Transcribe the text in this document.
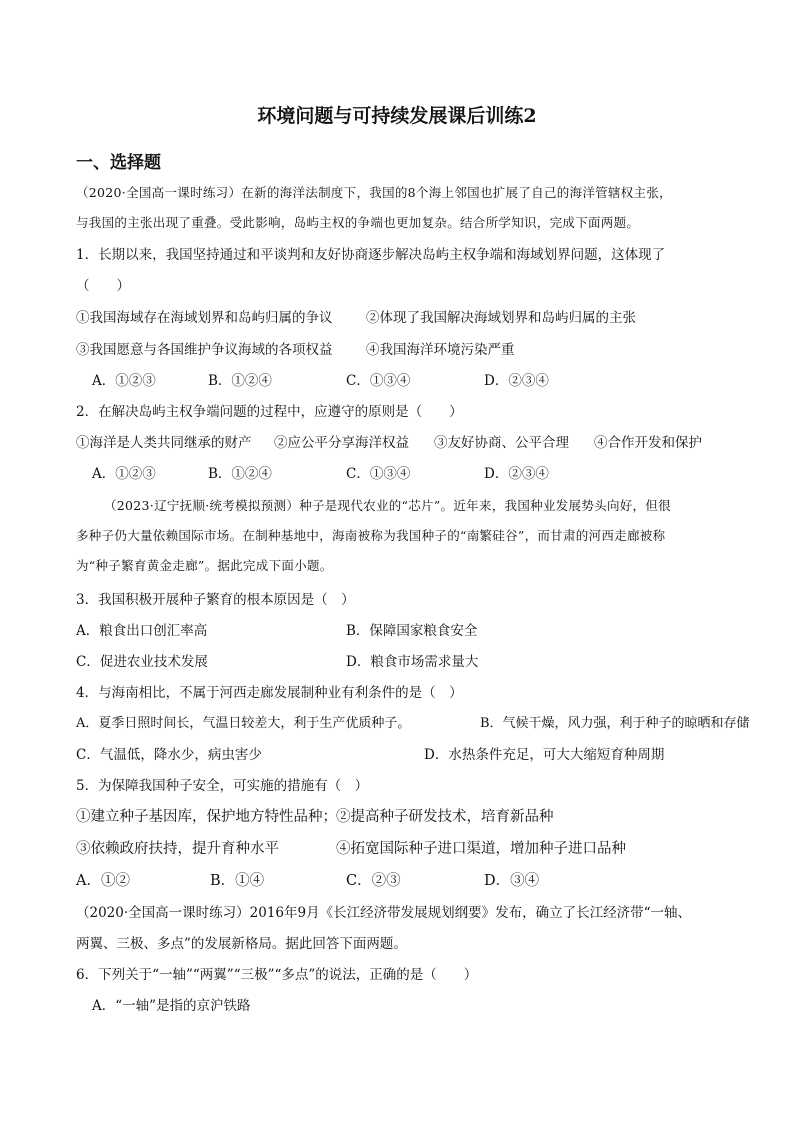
环境问题与可持续发展课后训练2
一、选择题
（2020·全国高一课时练习）在新的海洋法制度下，我国的8个海上邻国也扩展了自己的海洋管辖权主张，
与我国的主张出现了重叠。受此影响，岛屿主权的争端也更加复杂。结合所学知识，完成下面两题。
1．长期以来，我国坚持通过和平谈判和友好协商逐步解决岛屿主权争端和海域划界问题，这体现了
（　　）
①我国海域存在海域划界和岛屿归属的争议 ②体现了我国解决海域划界和岛屿归属的主张
③我国愿意与各国维护争议海域的各项权益 ④我国海洋环境污染严重
A．①②③	B．①②④	C．①③④	D．②③④
2．在解决岛屿主权争端问题的过程中，应遵守的原则是（　　）
①海洋是人类共同继承的财产 ②应公平分享海洋权益 ③友好协商、公平合理 ④合作开发和保护
A．①②③	B．①②④	C．①③④	D．②③④
（2023·辽宁抚顺·统考模拟预测）种子是现代农业的“芯片”。近年来，我国种业发展势头向好，但很
多种子仍大量依赖国际市场。在制种基地中，海南被称为我国种子的“南繁硅谷”，而甘肃的河西走廊被称
为“种子繁育黄金走廊”。据此完成下面小题。
3．我国积极开展种子繁育的根本原因是（　）
A．粮食出口创汇率高	B．保障国家粮食安全
C．促进农业技术发展	D．粮食市场需求量大
4．与海南相比，不属于河西走廊发展制种业有利条件的是（　）
A．夏季日照时间长，气温日较差大，利于生产优质种子。	B．气候干燥，风力强，利于种子的晾晒和存储
C．气温低，降水少，病虫害少	D．水热条件充足，可大大缩短育种周期
5．为保障我国种子安全，可实施的措施有（　）
①建立种子基因库，保护地方特性品种； ②提高种子研发技术，培育新品种
③依赖政府扶持，提升育种水平	④拓宽国际种子进口渠道，增加种子进口品种
A．①②	B．①④	C．②③	D．③④
（2020·全国高一课时练习）2016年9月《长江经济带发展规划纲要》发布，确立了长江经济带“一轴、
两翼、三极、多点”的发展新格局。据此回答下面两题。
6．下列关于“一轴”“两翼”“三极”“多点”的说法，正确的是（　　）
A．“一轴”是指的京沪铁路
